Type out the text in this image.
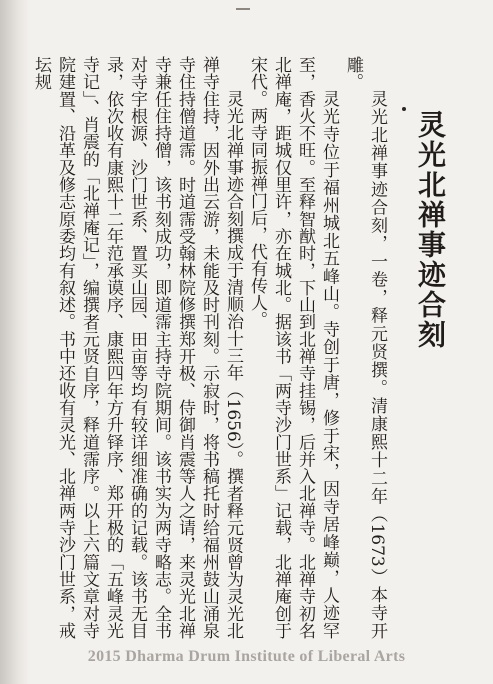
灵光北禅事迹合刻

灵光北禅事迹合刻，一卷，释元贤撰。清康熙十二年（1673）本寺开雕。

灵光寺位于福州城北五峰山。寺创于唐，修于宋，因寺居峰巅，人迹罕至，香火不旺。至释智猷时，下山到北禅寺挂锡，后并入北禅寺。北禅寺初名北禅庵，距城仅里许，亦在城北。据该书「两寺沙门世系」记载，北禅庵创于宋代。两寺同振禅门后，代有传人。

灵光北禅事迹合刻撰成于清顺治十三年（1656）。撰者释元贤曾为灵光北禅寺住持，因外出云游，未能及时刊刻。示寂时，将书稿托时给福州鼓山涌泉寺住持僧道霈。时道霈受翰林院修撰郑开极、侍御肖震等人之请，来灵光北禅寺兼任住持僧，该书刻成功，即道霈主持寺院期间。该书实为两寺略志。全书对寺宇根源、沙门世系、置买山园、田亩等均有较详细准确的记载。该书无目录，依次收有康熙十二年范承谟序、康熙四年方升铎序、郑开极的「五峰灵光寺记」、肖震的「北禅庵记」，编撰者元贤自序，释道霈序。以上六篇文章对寺院建置、沿革及修志原委均有叙述。书中还收有灵光、北禅两寺沙门世系，戒坛规

2015 Dharma Drum Institute of Liberal Arts
